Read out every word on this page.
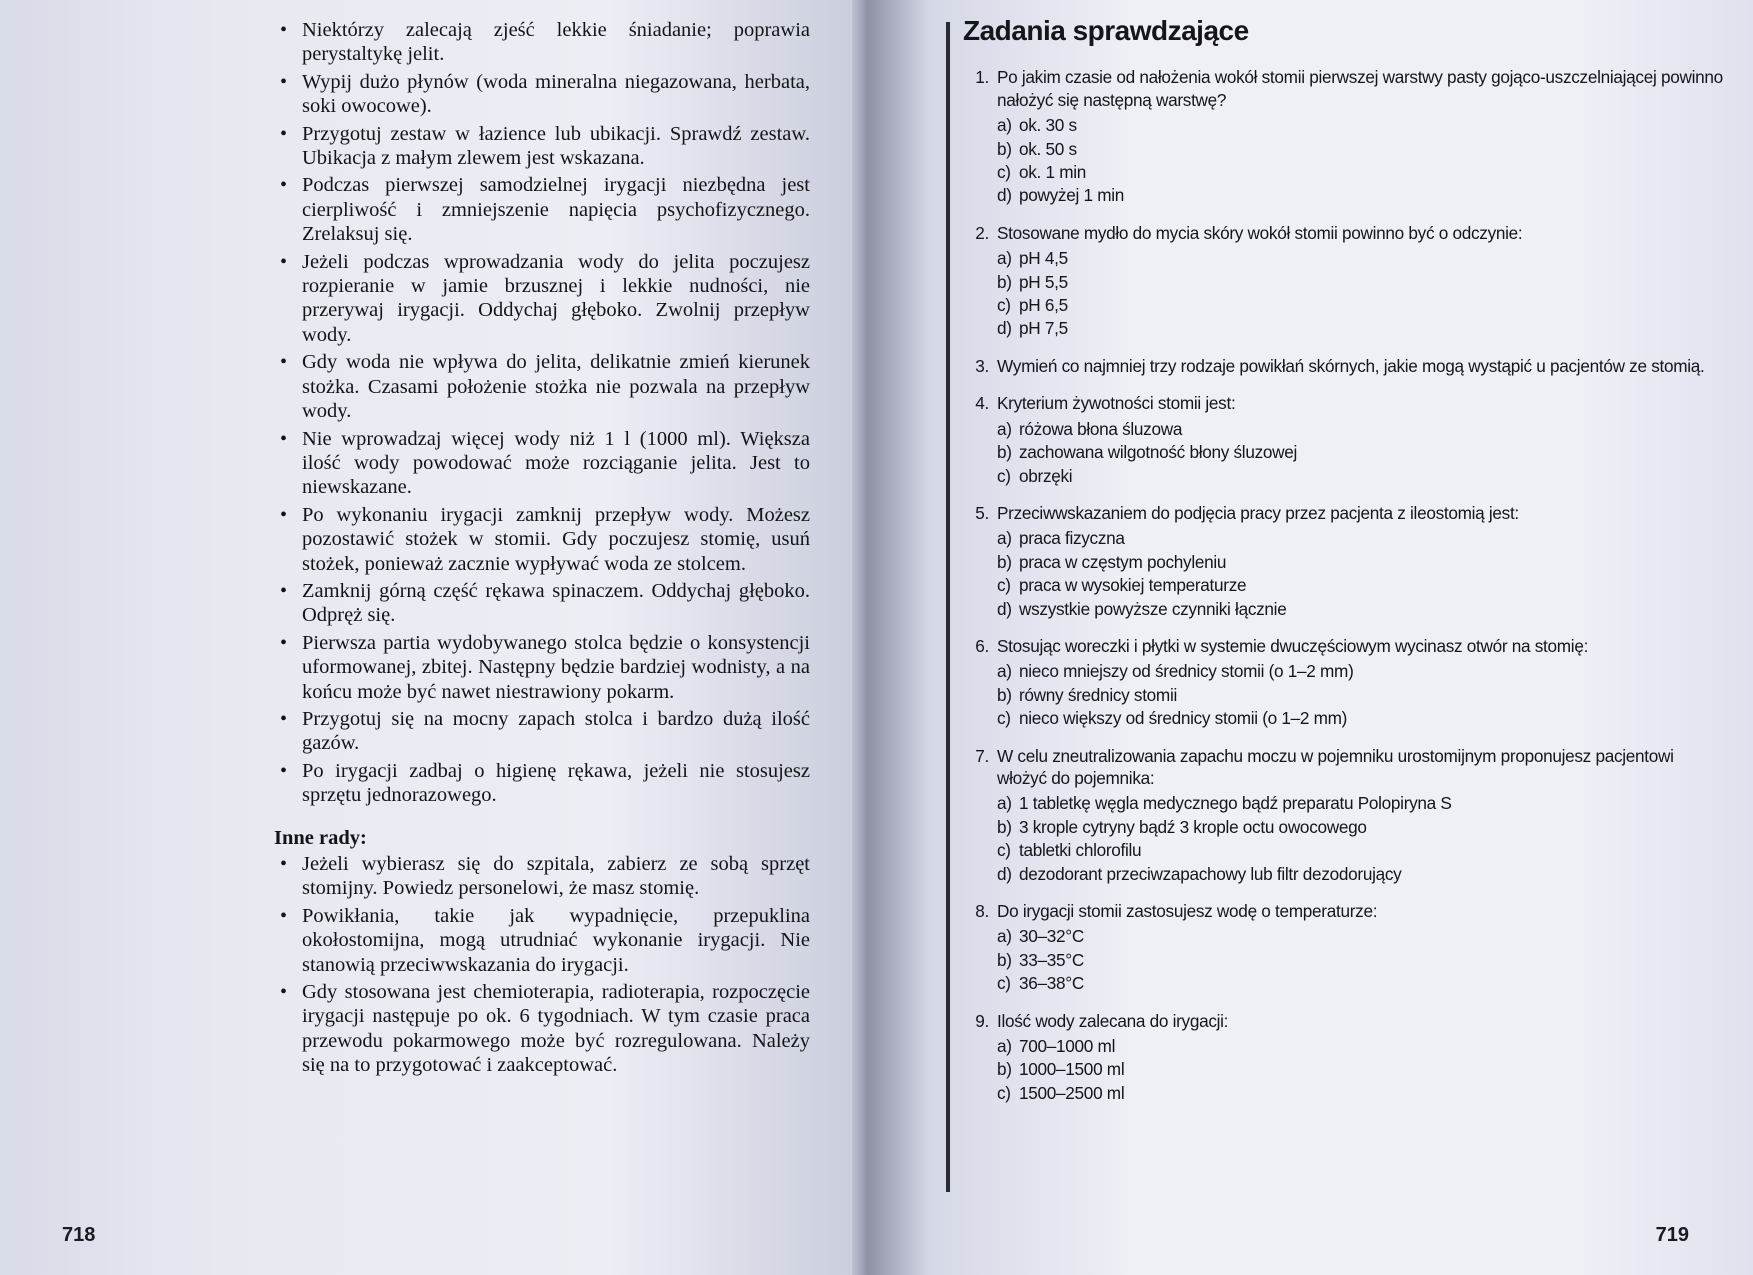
• Niektórzy zalecają zjeść lekkie śniadanie; poprawia perystaltykę jelit.
• Wypij dużo płynów (woda mineralna niegazowana, herbata, soki owocowe).
• Przygotuj zestaw w łazience lub ubikacji. Sprawdź zestaw. Ubikacja z małym zlewem jest wskazana.
• Podczas pierwszej samodzielnej irygacji niezbędna jest cierpliwość i zmniejszenie napięcia psychofizycznego. Zrelaksuj się.
• Jeżeli podczas wprowadzania wody do jelita poczujesz rozpieranie w jamie brzusznej i lekkie nudności, nie przerywaj irygacji. Oddychaj głęboko. Zwolnij przepływ wody.
• Gdy woda nie wpływa do jelita, delikatnie zmień kierunek stożka. Czasami położenie stożka nie pozwala na przepływ wody.
• Nie wprowadzaj więcej wody niż 1 l (1000 ml). Większa ilość wody powodować może rozciąganie jelita. Jest to niewskazane.
• Po wykonaniu irygacji zamknij przepływ wody. Możesz pozostawić stożek w stomii. Gdy poczujesz stomię, usuń stożek, ponieważ zacznie wypływać woda ze stolcem.
• Zamknij górną część rękawa spinaczem. Oddychaj głęboko. Odpręż się.
• Pierwsza partia wydobywanego stolca będzie o konsystencji uformowanej, zbitej. Następny będzie bardziej wodnisty, a na końcu może być nawet niestrawiony pokarm.
• Przygotuj się na mocny zapach stolca i bardzo dużą ilość gazów.
• Po irygacji zadbaj o higienę rękawa, jeżeli nie stosujesz sprzętu jednorazowego.
Inne rady:
• Jeżeli wybierasz się do szpitala, zabierz ze sobą sprzęt stomijny. Powiedz personelowi, że masz stomię.
• Powikłania, takie jak wypadnięcie, przepuklina okołostomijna, mogą utrudniać wykonanie irygacji. Nie stanowią przeciwwskazania do irygacji.
• Gdy stosowana jest chemioterapia, radioterapia, rozpoczęcie irygacji następuje po ok. 6 tygodniach. W tym czasie praca przewodu pokarmowego może być rozregulowana. Należy się na to przygotować i zaakceptować.
718
Zadania sprawdzające
1. Po jakim czasie od nałożenia wokół stomii pierwszej warstwy pasty gojąco-uszczelniającej powinno nałożyć się następną warstwę?
a) ok. 30 s
b) ok. 50 s
c) ok. 1 min
d) powyżej 1 min
2. Stosowane mydło do mycia skóry wokół stomii powinno być o odczynie:
a) pH 4,5
b) pH 5,5
c) pH 6,5
d) pH 7,5
3. Wymień co najmniej trzy rodzaje powikłań skórnych, jakie mogą wystąpić u pacjentów ze stomią.
4. Kryterium żywotności stomii jest:
a) różowa błona śluzowa
b) zachowana wilgotność błony śluzowej
c) obrzęki
5. Przeciwwskazaniem do podjęcia pracy przez pacjenta z ileostomią jest:
a) praca fizyczna
b) praca w częstym pochyleniu
c) praca w wysokiej temperaturze
d) wszystkie powyższe czynniki łącznie
6. Stosując woreczki i płytki w systemie dwuczęściowym wycinasz otwór na stomię:
a) nieco mniejszy od średnicy stomii (o 1–2 mm)
b) równy średnicy stomii
c) nieco większy od średnicy stomii (o 1–2 mm)
7. W celu zneutralizowania zapachu moczu w pojemniku urostomijnym proponujesz pacjentowi włożyć do pojemnika:
a) 1 tabletkę węgla medycznego bądź preparatu Polopiryna S
b) 3 krople cytryny bądź 3 krople octu owocowego
c) tabletki chlorofilu
d) dezodorant przeciwzapachowy lub filtr dezodorujący
8. Do irygacji stomii zastosujesz wodę o temperaturze:
a) 30–32°C
b) 33–35°C
c) 36–38°C
9. Ilość wody zalecana do irygacji:
a) 700–1000 ml
b) 1000–1500 ml
c) 1500–2500 ml
719
